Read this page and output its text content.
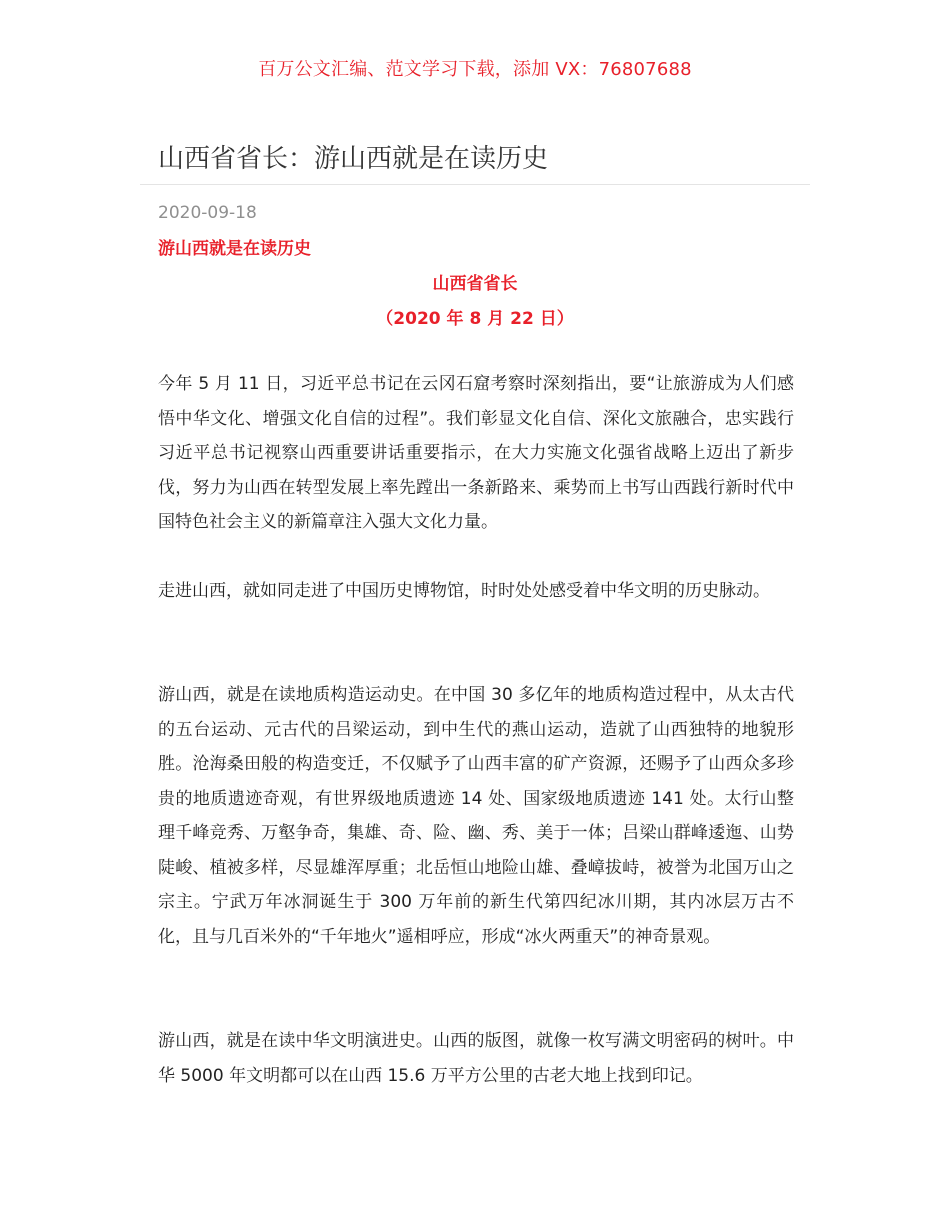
百万公文汇编、范文学习下载，添加 VX：76807688
山西省省长：游山西就是在读历史
2020-09-18
游山西就是在读历史
山西省省长
（2020 年 8 月 22 日）

今年 5 月 11 日，习近平总书记在云冈石窟考察时深刻指出，要“让旅游成为人们感悟中华文化、增强文化自信的过程”。我们彰显文化自信、深化文旅融合，忠实践行习近平总书记视察山西重要讲话重要指示，在大力实施文化强省战略上迈出了新步伐，努力为山西在转型发展上率先蹚出一条新路来、乘势而上书写山西践行新时代中国特色社会主义的新篇章注入强大文化力量。

走进山西，就如同走进了中国历史博物馆，时时处处感受着中华文明的历史脉动。

游山西，就是在读地质构造运动史。在中国 30 多亿年的地质构造过程中，从太古代的五台运动、元古代的吕梁运动，到中生代的燕山运动，造就了山西独特的地貌形胜。沧海桑田般的构造变迁，不仅赋予了山西丰富的矿产资源，还赐予了山西众多珍贵的地质遗迹奇观，有世界级地质遗迹 14 处、国家级地质遗迹 141 处。太行山整理千峰竞秀、万壑争奇，集雄、奇、险、幽、秀、美于一体；吕梁山群峰逶迤、山势陡峻、植被多样，尽显雄浑厚重；北岳恒山地险山雄、叠嶂拔峙，被誉为北国万山之宗主。宁武万年冰洞诞生于 300 万年前的新生代第四纪冰川期，其内冰层万古不化，且与几百米外的“千年地火”遥相呼应，形成“冰火两重天”的神奇景观。

游山西，就是在读中华文明演进史。山西的版图，就像一枚写满文明密码的树叶。中华 5000 年文明都可以在山西 15.6 万平方公里的古老大地上找到印记。
